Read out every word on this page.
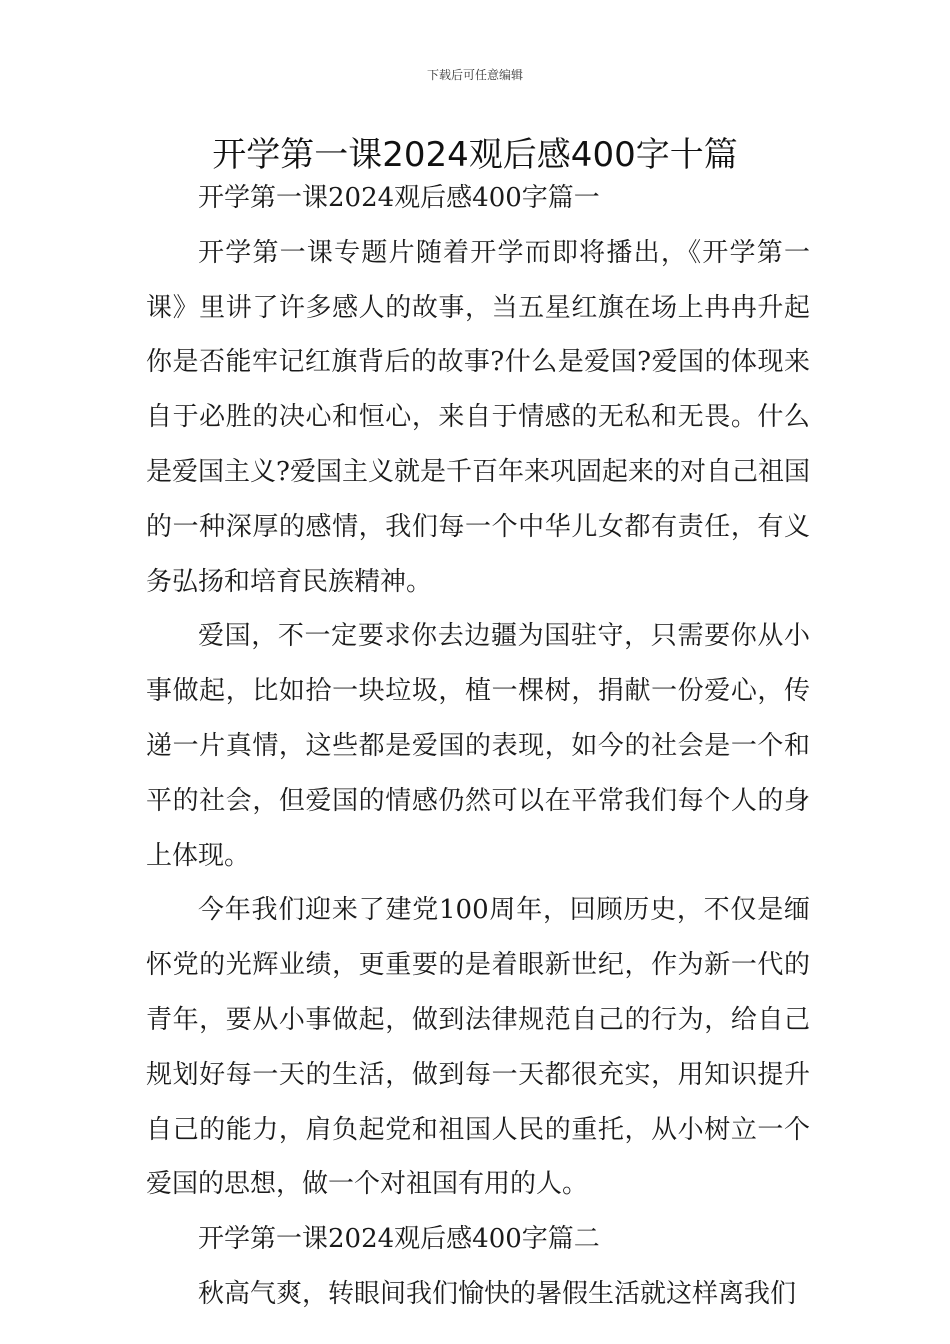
下载后可任意编辑
开学第一课2024观后感400字十篇

开学第一课2024观后感400字篇一

开学第一课专题片随着开学而即将播出，《开学第一课》里讲了许多感人的故事，当五星红旗在场上冉冉升起你是否能牢记红旗背后的故事?什么是爱国?爱国的体现来自于必胜的决心和恒心，来自于情感的无私和无畏。什么是爱国主义?爱国主义就是千百年来巩固起来的对自己祖国的一种深厚的感情，我们每一个中华儿女都有责任，有义务弘扬和培育民族精神。

爱国，不一定要求你去边疆为国驻守，只需要你从小事做起，比如拾一块垃圾，植一棵树，捐献一份爱心，传递一片真情，这些都是爱国的表现，如今的社会是一个和平的社会，但爱国的情感仍然可以在平常我们每个人的身上体现。

今年我们迎来了建党100周年，回顾历史，不仅是缅怀党的光辉业绩，更重要的是着眼新世纪，作为新一代的青年，要从小事做起，做到法律规范自己的行为，给自己规划好每一天的生活，做到每一天都很充实，用知识提升自己的能力，肩负起党和祖国人民的重托，从小树立一个爱国的思想，做一个对祖国有用的人。

开学第一课2024观后感400字篇二

秋高气爽，转眼间我们愉快的暑假生活就这样离我们
